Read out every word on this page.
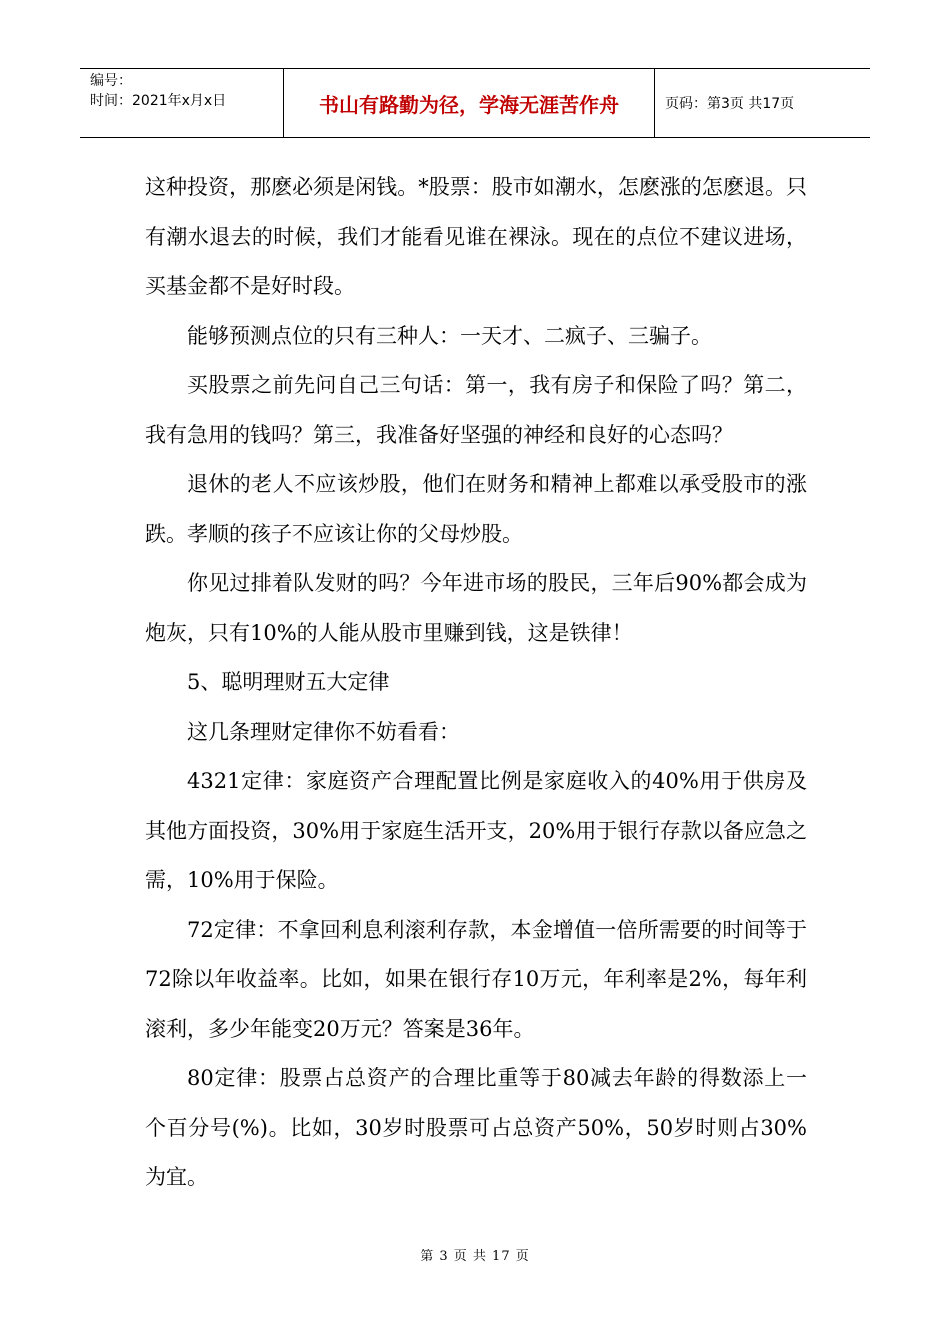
编号：
时间：2021年x月x日	书山有路勤为径，学海无涯苦作舟	页码：第3页 共17页

这种投资，那麽必须是闲钱。*股票：股市如潮水，怎麽涨的怎麽退。只有潮水退去的时候，我们才能看见谁在裸泳。现在的点位不建议进场，买基金都不是好时段。

能够预测点位的只有三种人：一天才、二疯子、三骗子。

买股票之前先问自己三句话：第一，我有房子和保险了吗？第二，我有急用的钱吗？第三，我准备好坚强的神经和良好的心态吗？

退休的老人不应该炒股，他们在财务和精神上都难以承受股市的涨跌。孝顺的孩子不应该让你的父母炒股。

你见过排着队发财的吗？今年进市场的股民，三年后90%都会成为炮灰，只有10%的人能从股市里赚到钱，这是铁律！

5、聪明理财五大定律

这几条理财定律你不妨看看：

4321定律：家庭资产合理配置比例是家庭收入的40%用于供房及其他方面投资，30%用于家庭生活开支，20%用于银行存款以备应急之需，10%用于保险。

72定律：不拿回利息利滚利存款，本金增值一倍所需要的时间等于72除以年收益率。比如，如果在银行存10万元，年利率是2%，每年利滚利，多少年能变20万元？答案是36年。

80定律：股票占总资产的合理比重等于80减去年龄的得数添上一个百分号(%)。比如，30岁时股票可占总资产50%，50岁时则占30%为宜。

第 3 页 共 17 页
